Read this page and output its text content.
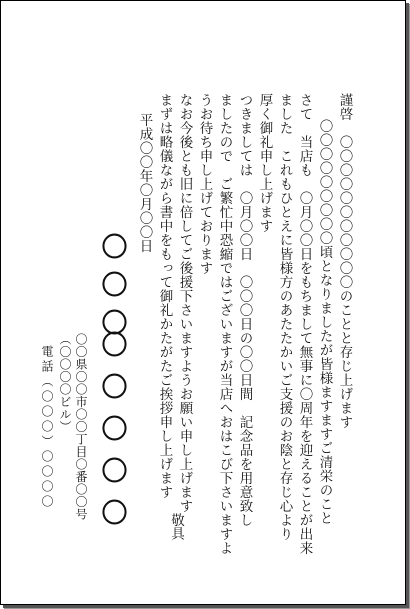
謹啓　〇〇〇〇〇〇〇〇〇〇〇のことと存じ上げます
〇〇〇〇〇〇〇〇〇頃となりましたが皆様ますますご清栄のこと
さて　当店も　〇月〇〇日をもちまして無事に〇周年を迎えることが出来
ました　これもひとえに皆様方のあたたかいご支援のお陰と存じ心より
厚く御礼申し上げます
つきましては　〇月〇〇日　〇〇〇日の〇〇日間　記念品を用意致し
ましたので　ご繁忙中恐縮ではございますが当店へおはこび下さいますよ
うお待ち申し上げております
なお今後とも旧に倍してご後援下さいますようお願い申し上げます
まずは略儀ながら書中をもって御礼かたがたご挨拶申し上げます
敬具
平成〇〇年〇月〇〇日
〇〇〇
〇〇〇〇〇
〇〇県〇〇市〇〇丁目〇番〇〇号
（〇〇〇〇ビル）
電話（〇〇〇）〇〇〇〇
